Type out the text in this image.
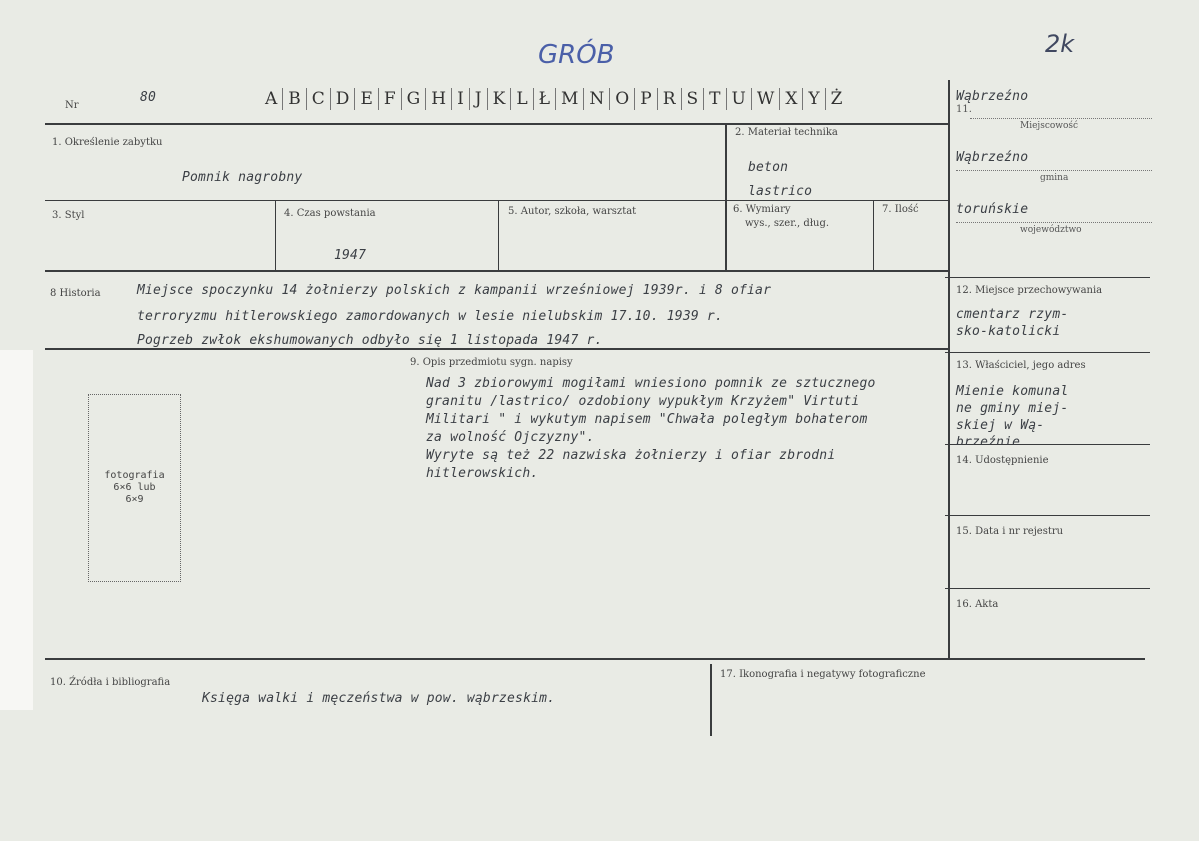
Nr
80	A B C D E F G H I J K L Ł M N O P R S T U W X Y Ż
GRÓB	2k
Wąbrzeźno
11.
Miejscowość
Wąbrzeźno
gmina
toruńskie
województwo
1. Określenie zabytku
Pomnik nagrobny
2. Materiał technika
beton
lastrico
3. Styl	4. Czas powstania
1947
5. Autor, szkoła, warsztat	6. Wymiary
wys., szer., dług.
7. Ilość
8 Historia	Miejsce spoczynku 14 żołnierzy polskich z kampanii wrześniowej 1939r. i 8 ofiar
terroryzmu hitlerowskiego zamordowanych w lesie nielubskim 17.10. 1939 r.
Pogrzeb zwłok ekshumowanych odbyło się 1 listopada 1947 r.
12. Miejsce przechowywania
cmentarz rzym-
sko-katolicki
13. Właściciel, jego adres
Mienie komunal
ne gminy miej-
skiej w Wą-
brzeźnie
14. Udostępnienie
15. Data i nr rejestru
16. Akta
9. Opis przedmiotu sygn. napisy
Nad 3 zbiorowymi mogiłami wniesiono pomnik ze sztucznego
granitu /lastrico/ ozdobiony wypukłym Krzyżem" Virtuti
Militari " i wykutym napisem "Chwała poległym bohaterom
za wolność Ojczyzny".
Wyryte są też 22 nazwiska żołnierzy i ofiar zbrodni
hitlerowskich.
fotografia
6×6 lub
6×9
10. Źródła i bibliografia
Księga walki i męczeństwa w pow. wąbrzeskim.
17. Ikonografia i negatywy fotograficzne
